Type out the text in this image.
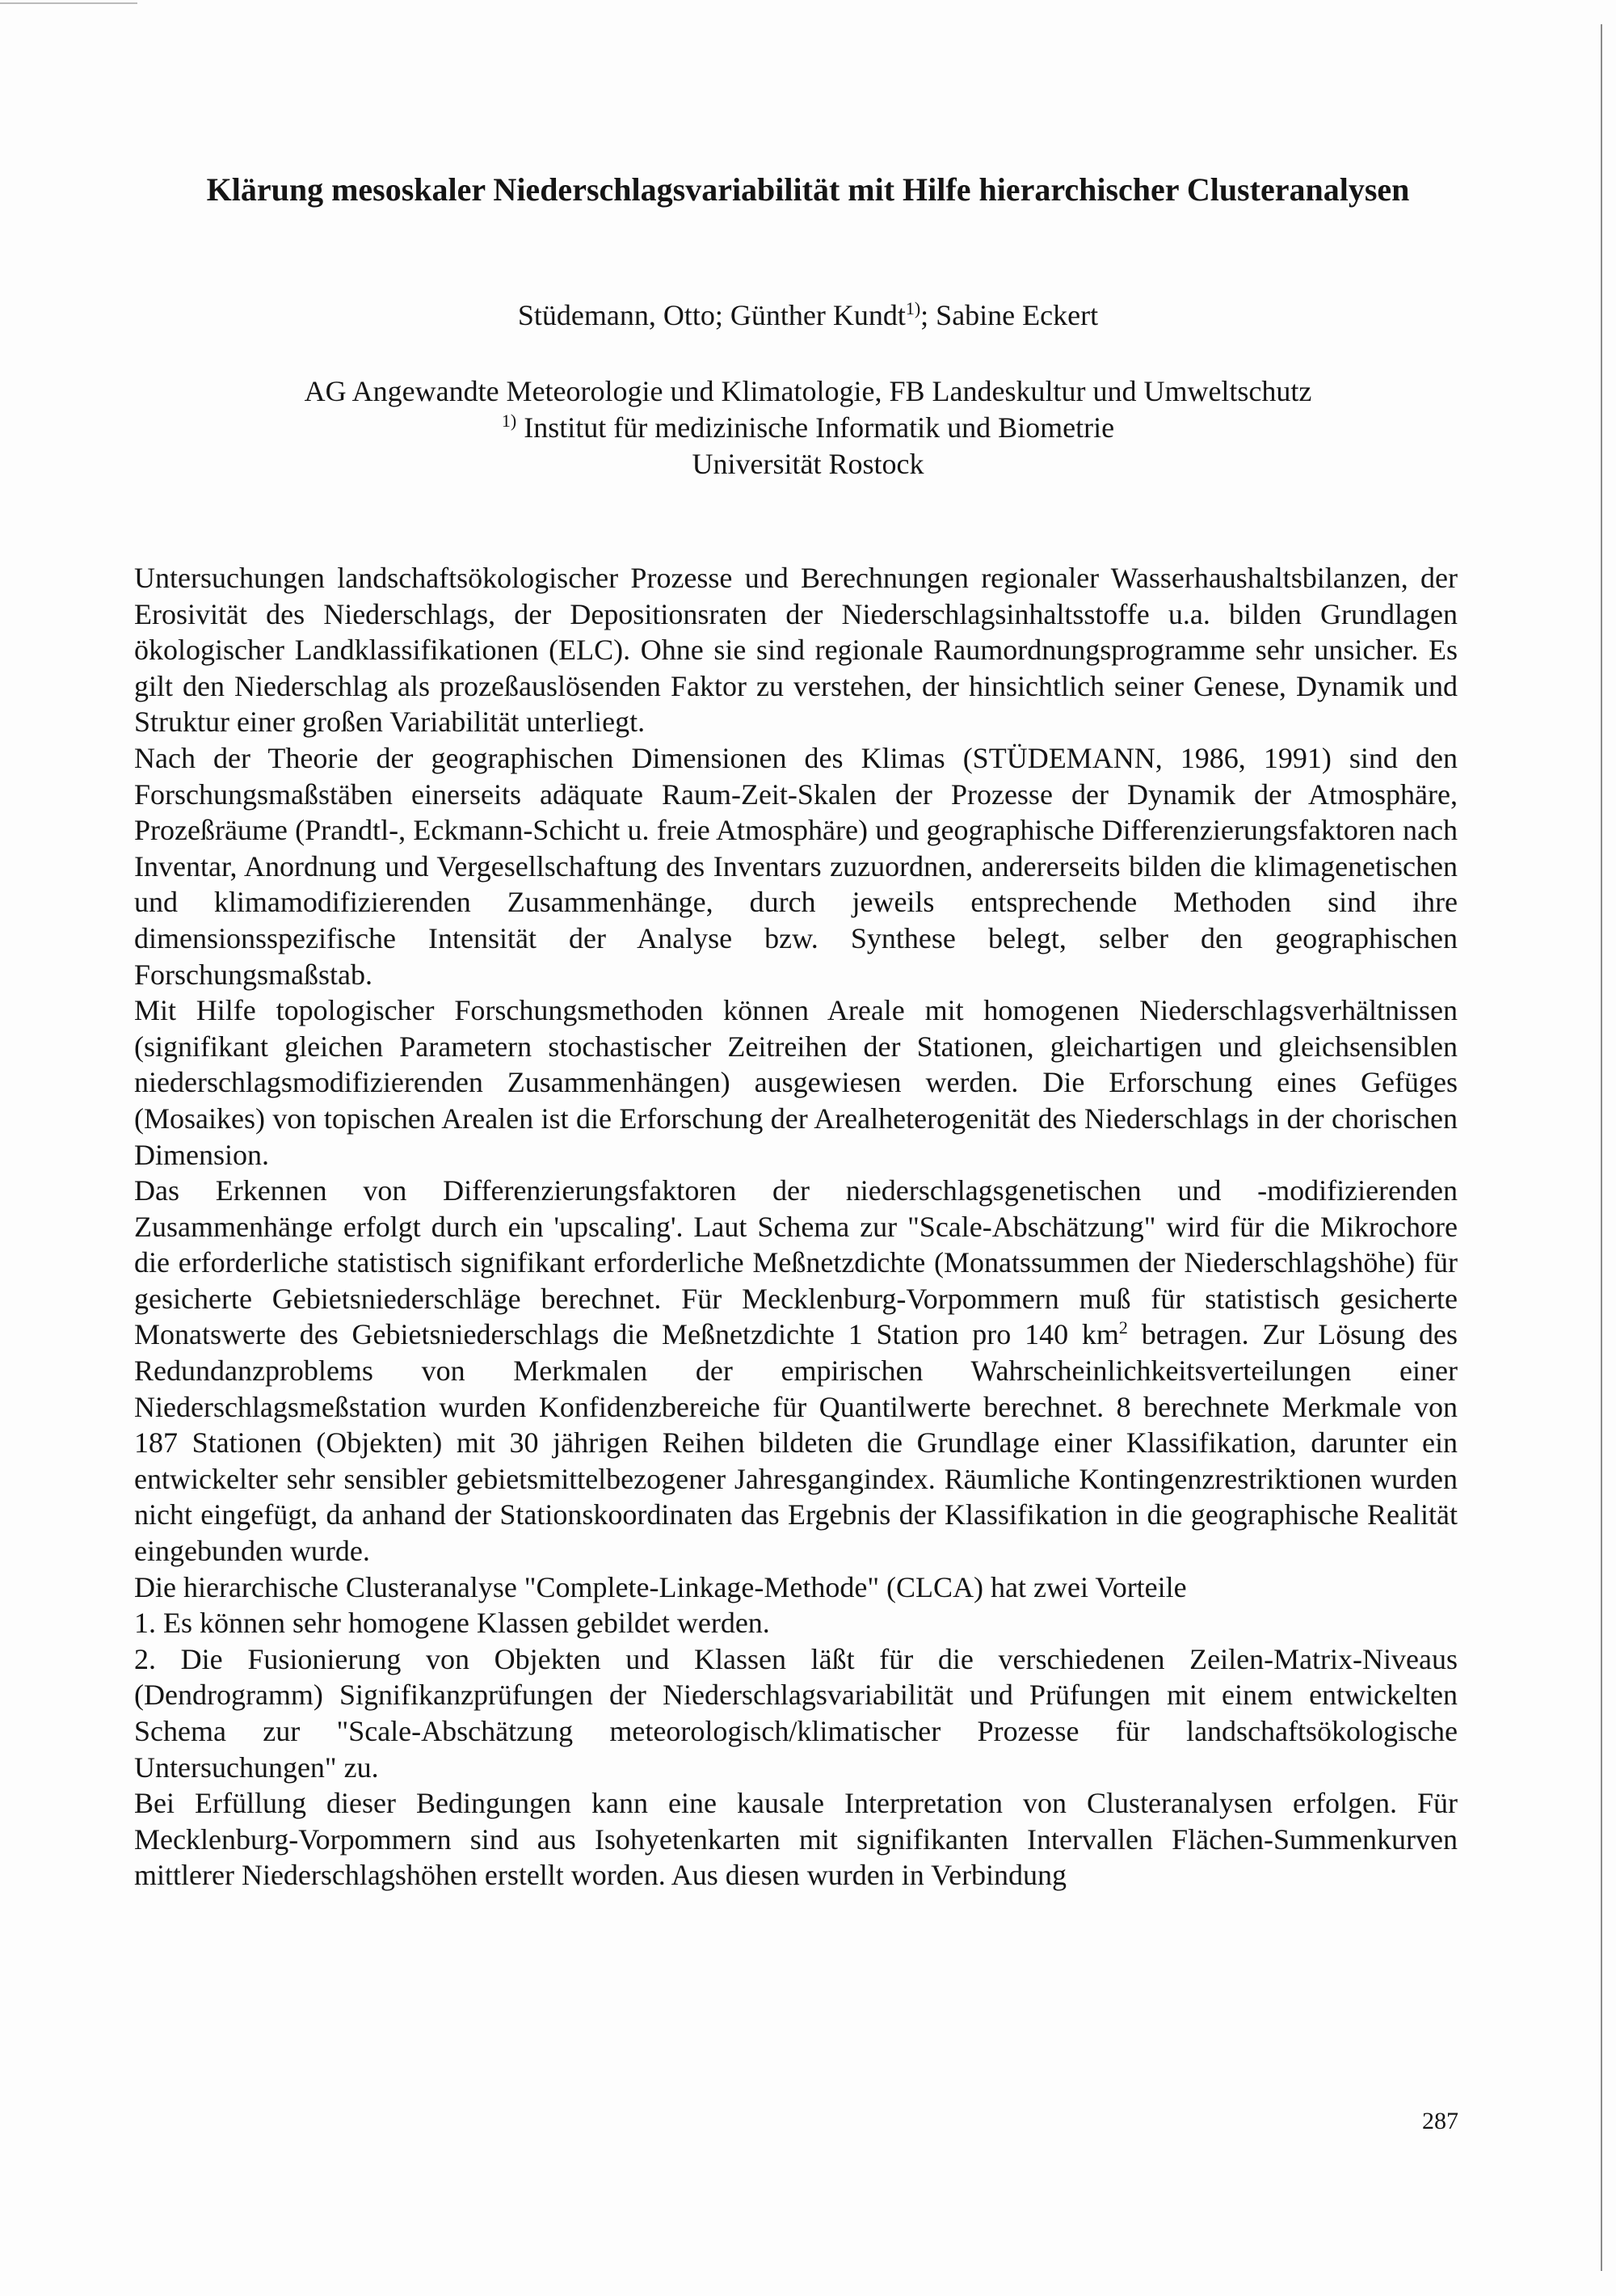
Klärung mesoskaler Niederschlagsvariabilität mit Hilfe hierarchischer Clusteranalysen
Stüdemann, Otto; Günther Kundt$^{1)}$; Sabine Eckert
AG Angewandte Meteorologie und Klimatologie, FB Landeskultur und Umweltschutz
$^{1)}$ Institut für medizinische Informatik und Biometrie
Universität Rostock

Untersuchungen landschaftsökologischer Prozesse und Berechnungen regionaler Wasserhaushaltsbilanzen, der Erosivität des Niederschlags, der Depositionsraten der Niederschlagsinhaltsstoffe u.a. bilden Grundlagen ökologischer Landklassifikationen (ELC). Ohne sie sind regionale Raumordnungsprogramme sehr unsicher. Es gilt den Niederschlag als prozeßauslösenden Faktor zu verstehen, der hinsichtlich seiner Genese, Dynamik und Struktur einer großen Variabilität unterliegt.

Nach der Theorie der geographischen Dimensionen des Klimas (STÜDEMANN, 1986, 1991) sind den Forschungsmaßstäben einerseits adäquate Raum-Zeit-Skalen der Prozesse der Dynamik der Atmosphäre, Prozeßräume (Prandtl-, Eckmann-Schicht u. freie Atmosphäre) und geographische Differenzierungsfaktoren nach Inventar, Anordnung und Vergesellschaftung des Inventars zuzuordnen, andererseits bilden die klimagenetischen und klimamodifizierenden Zusammenhänge, durch jeweils entsprechende Methoden sind ihre dimensionsspezifische Intensität der Analyse bzw. Synthese belegt, selber den geographischen Forschungsmaßstab.

Mit Hilfe topologischer Forschungsmethoden können Areale mit homogenen Niederschlagsverhältnissen (signifikant gleichen Parametern stochastischer Zeitreihen der Stationen, gleichartigen und gleichsensiblen niederschlagsmodifizierenden Zusammenhängen) ausgewiesen werden. Die Erforschung eines Gefüges (Mosaikes) von topischen Arealen ist die Erforschung der Arealheterogenität des Niederschlags in der chorischen Dimension.

Das Erkennen von Differenzierungsfaktoren der niederschlagsgenetischen und -modifizierenden Zusammenhänge erfolgt durch ein 'upscaling'. Laut Schema zur "Scale-Abschätzung" wird für die Mikrochore die erforderliche statistisch signifikant erforderliche Meßnetzdichte (Monatssummen der Niederschlagshöhe) für gesicherte Gebietsniederschläge berechnet. Für Mecklenburg-Vorpommern muß für statistisch gesicherte Monatswerte des Gebietsniederschlags die Meßnetzdichte 1 Station pro 140 $km^2$ betragen. Zur Lösung des Redundanzproblems von Merkmalen der empirischen Wahrscheinlichkeitsverteilungen einer Niederschlagsmeßstation wurden Konfidenzbereiche für Quantilwerte berechnet. 8 berechnete Merkmale von 187 Stationen (Objekten) mit 30 jährigen Reihen bildeten die Grundlage einer Klassifikation, darunter ein entwickelter sehr sensibler gebietsmittelbezogener Jahresgangindex. Räumliche Kontingenzrestriktionen wurden nicht eingefügt, da anhand der Stationskoordinaten das Ergebnis der Klassifikation in die geographische Realität eingebunden wurde.

Die hierarchische Clusteranalyse "Complete-Linkage-Methode" (CLCA) hat zwei Vorteile

1. Es können sehr homogene Klassen gebildet werden.

2. Die Fusionierung von Objekten und Klassen läßt für die verschiedenen Zeilen-Matrix-Niveaus (Dendrogramm) Signifikanzprüfungen der Niederschlagsvariabilität und Prüfungen mit einem entwickelten Schema zur "Scale-Abschätzung meteorologisch/klimatischer Prozesse für landschaftsökologische Untersuchungen" zu.

Bei Erfüllung dieser Bedingungen kann eine kausale Interpretation von Clusteranalysen erfolgen. Für Mecklenburg-Vorpommern sind aus Isohyetenkarten mit signifikanten Intervallen Flächen-Summenkurven mittlerer Niederschlagshöhen erstellt worden. Aus diesen wurden in Verbindung

287
